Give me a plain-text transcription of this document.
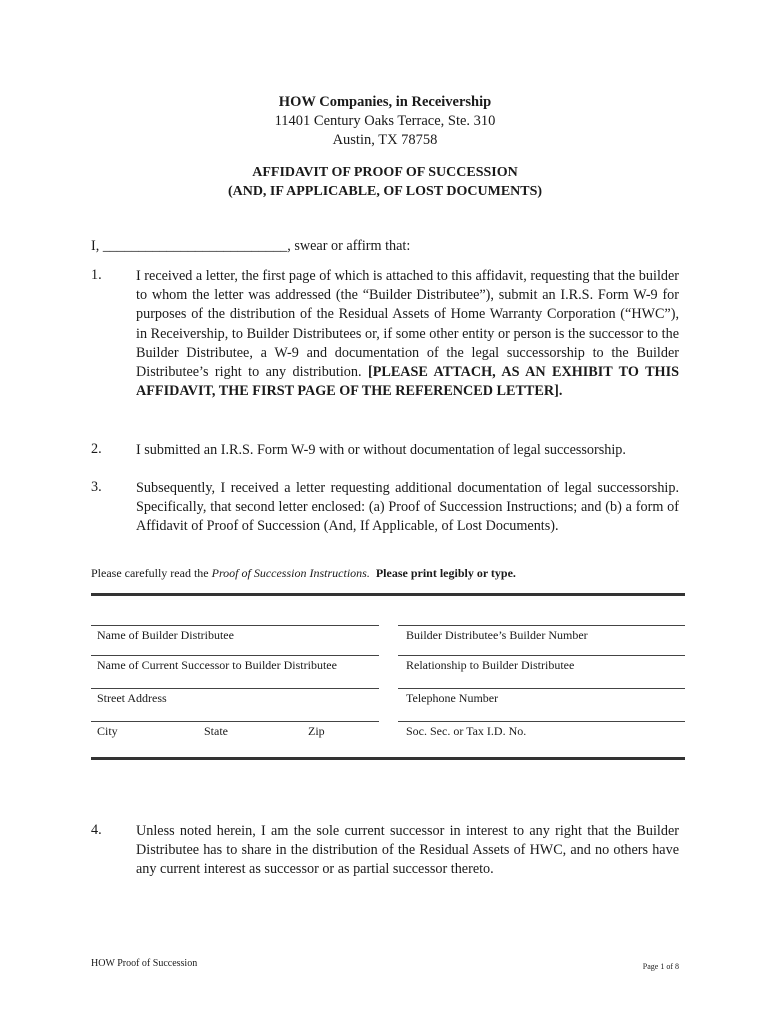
HOW Companies, in Receivership
11401 Century Oaks Terrace, Ste. 310
Austin, TX 78758
AFFIDAVIT OF PROOF OF SUCCESSION
(AND, IF APPLICABLE, OF LOST DOCUMENTS)
I, __________________________, swear or affirm that:
1. I received a letter, the first page of which is attached to this affidavit, requesting that the builder to whom the letter was addressed (the “Builder Distributee”), submit an I.R.S. Form W-9 for purposes of the distribution of the Residual Assets of Home Warranty Corporation (“HWC”), in Receivership, to Builder Distributees or, if some other entity or person is the successor to the Builder Distributee, a W-9 and documentation of the legal successorship to the Builder Distributee’s right to any distribution. [PLEASE ATTACH, AS AN EXHIBIT TO THIS AFFIDAVIT, THE FIRST PAGE OF THE REFERENCED LETTER].
2. I submitted an I.R.S. Form W-9 with or without documentation of legal successorship.
3. Subsequently, I received a letter requesting additional documentation of legal successorship. Specifically, that second letter enclosed: (a) Proof of Succession Instructions; and (b) a form of Affidavit of Proof of Succession (And, If Applicable, of Lost Documents).
Please carefully read the Proof of Succession Instructions. Please print legibly or type.
Name of Builder Distributee	Builder Distributee’s Builder Number
Name of Current Successor to Builder Distributee	Relationship to Builder Distributee
Street Address	Telephone Number
City	State	Zip	Soc. Sec. or Tax I.D. No.
4. Unless noted herein, I am the sole current successor in interest to any right that the Builder Distributee has to share in the distribution of the Residual Assets of HWC, and no others have any current interest as successor or as partial successor thereto.
HOW Proof of Succession	Page 1 of 8
